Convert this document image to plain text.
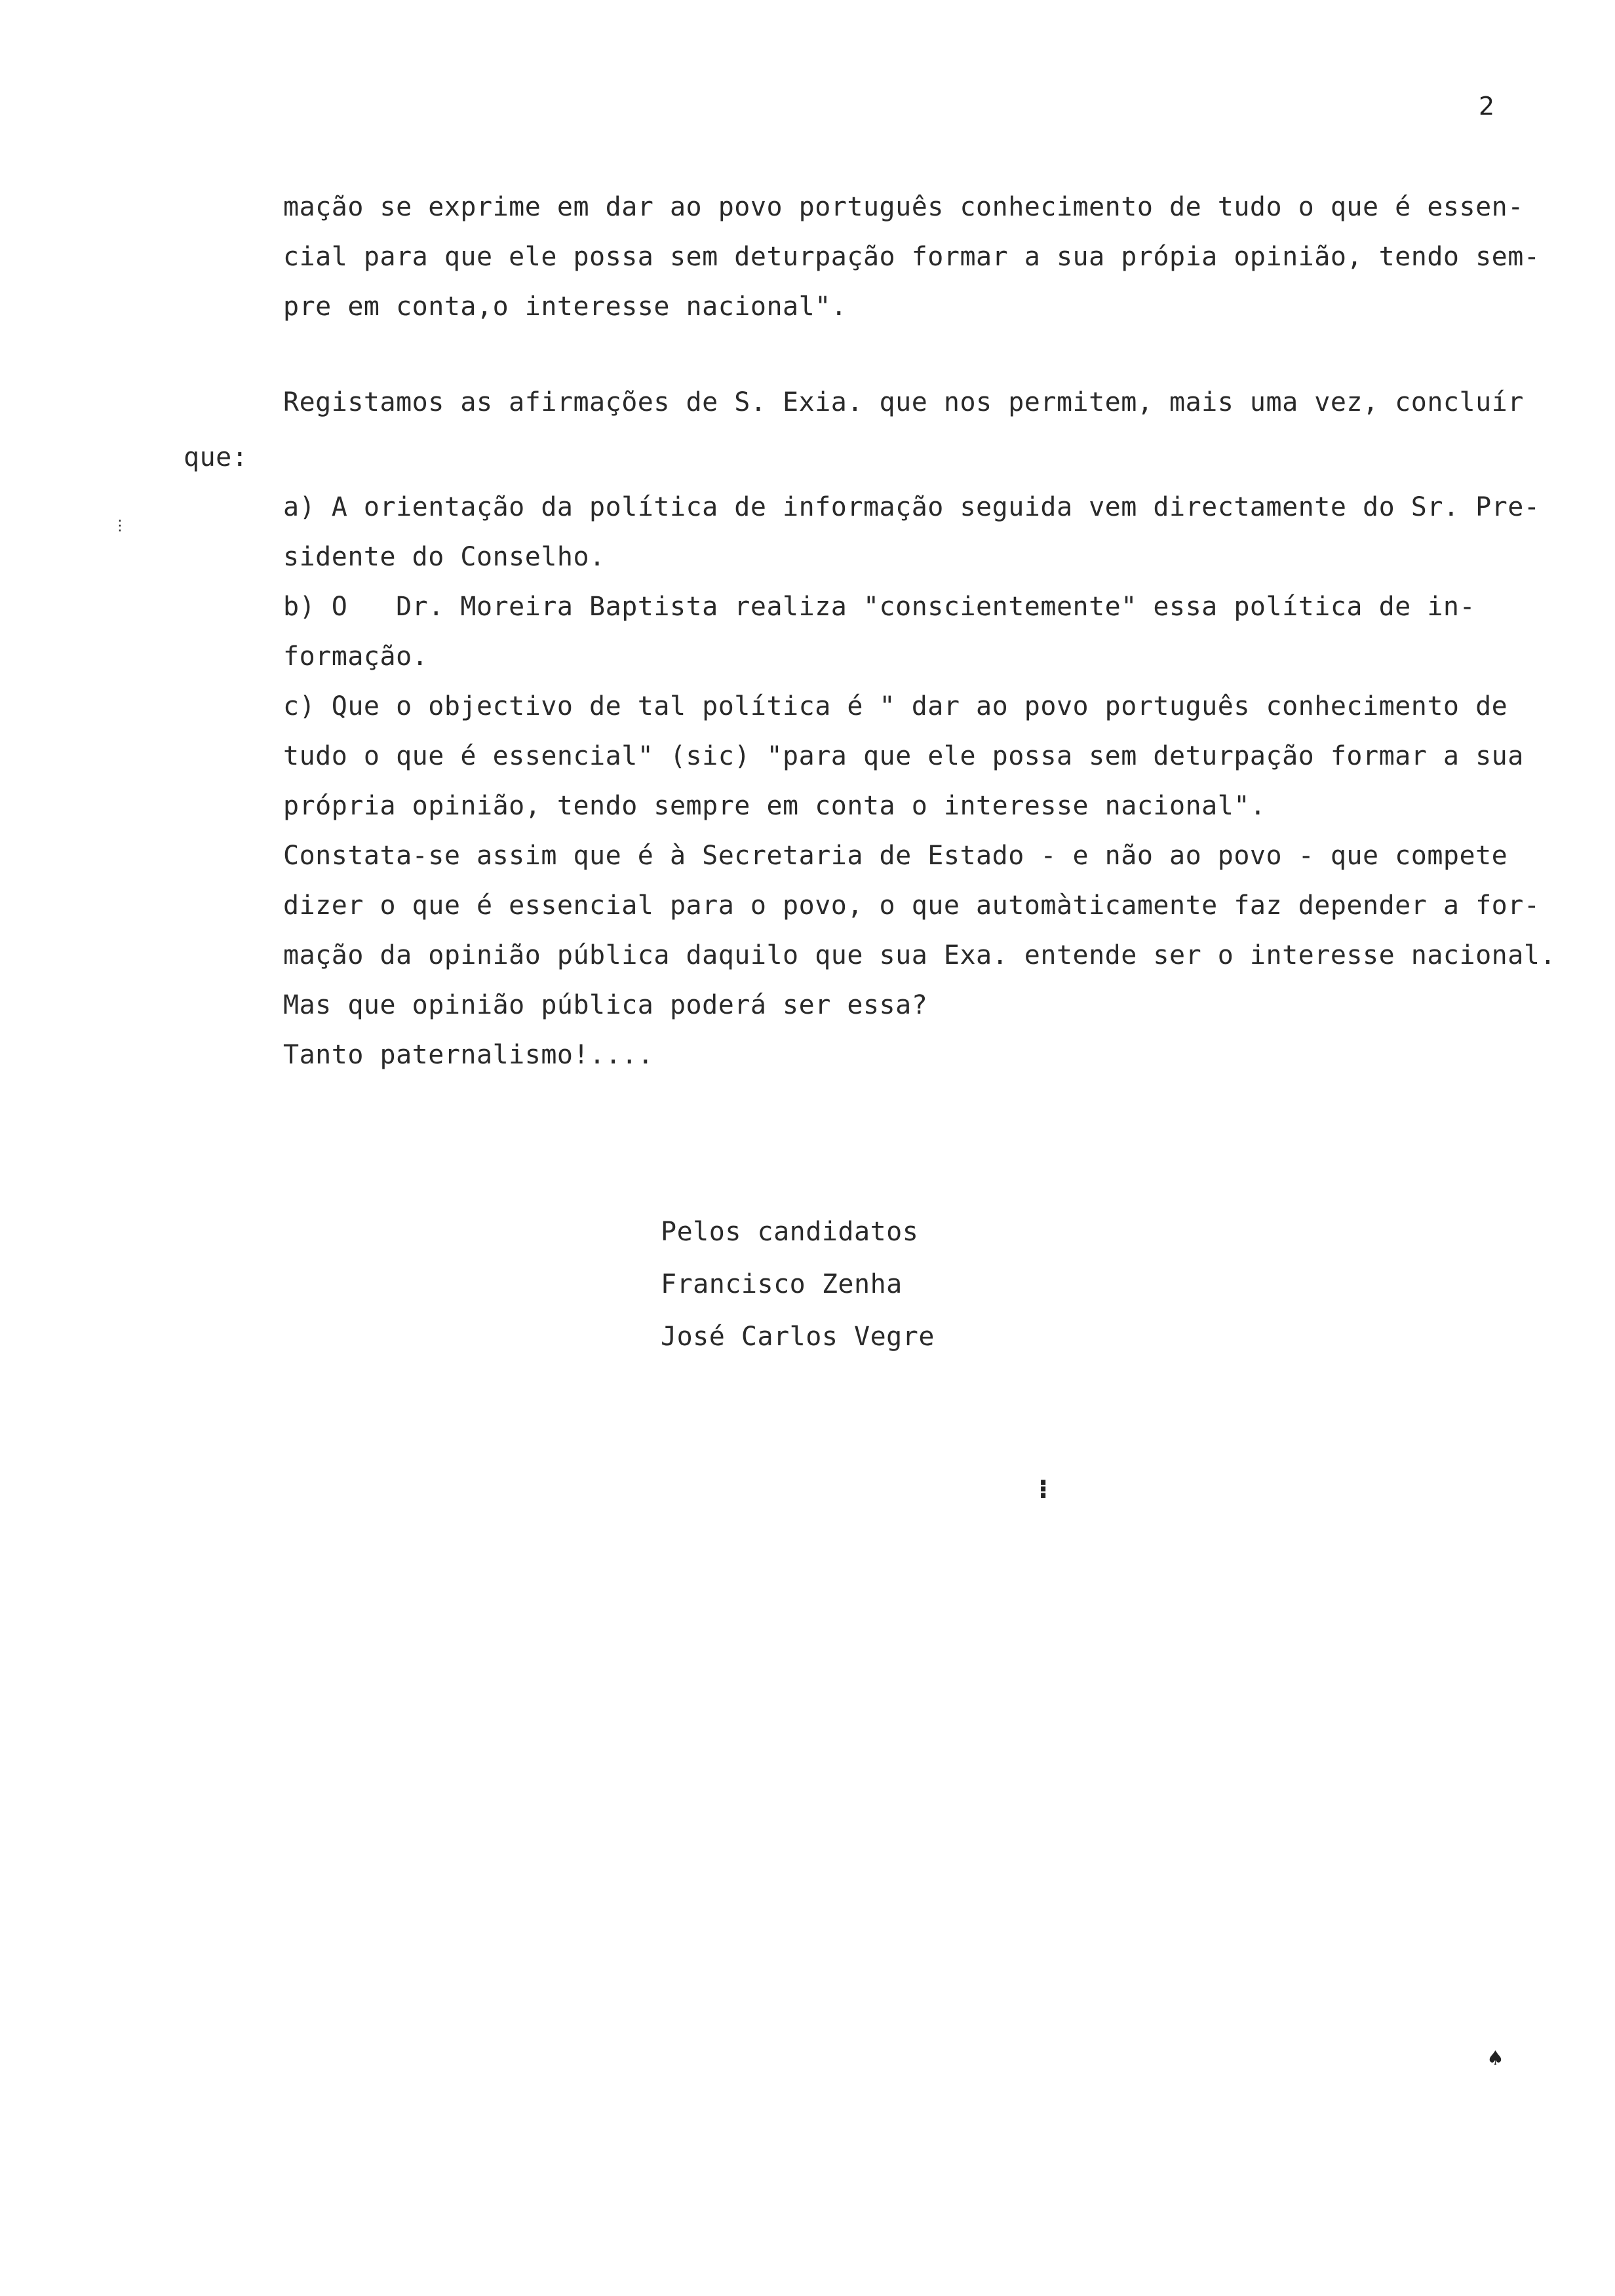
2
mação se exprime em dar ao povo português conhecimento de tudo o que é essen-
cial para que ele possa sem deturpação formar a sua própia opinião, tendo sem-
pre em conta,o interesse nacional".
Registamos as afirmações de S. Exia. que nos permitem, mais uma vez, concluír
que:
a) A orientação da política de informação seguida vem directamente do Sr. Pre-
sidente do Conselho.
b) O   Dr. Moreira Baptista realiza "conscientemente" essa política de in-
formação.
c) Que o objectivo de tal política é " dar ao povo português conhecimento de
tudo o que é essencial" (sic) "para que ele possa sem deturpação formar a sua
própria opinião, tendo sempre em conta o interesse nacional".
Constata-se assim que é à Secretaria de Estado - e não ao povo - que compete
dizer o que é essencial para o povo, o que automàticamente faz depender a for-
mação da opinião pública daquilo que sua Exa. entende ser o interesse nacional.
Mas que opinião pública poderá ser essa?
Tanto paternalismo!....
Pelos candidatos
Francisco Zenha
José Carlos Vegre
⋮
⁝
♠
